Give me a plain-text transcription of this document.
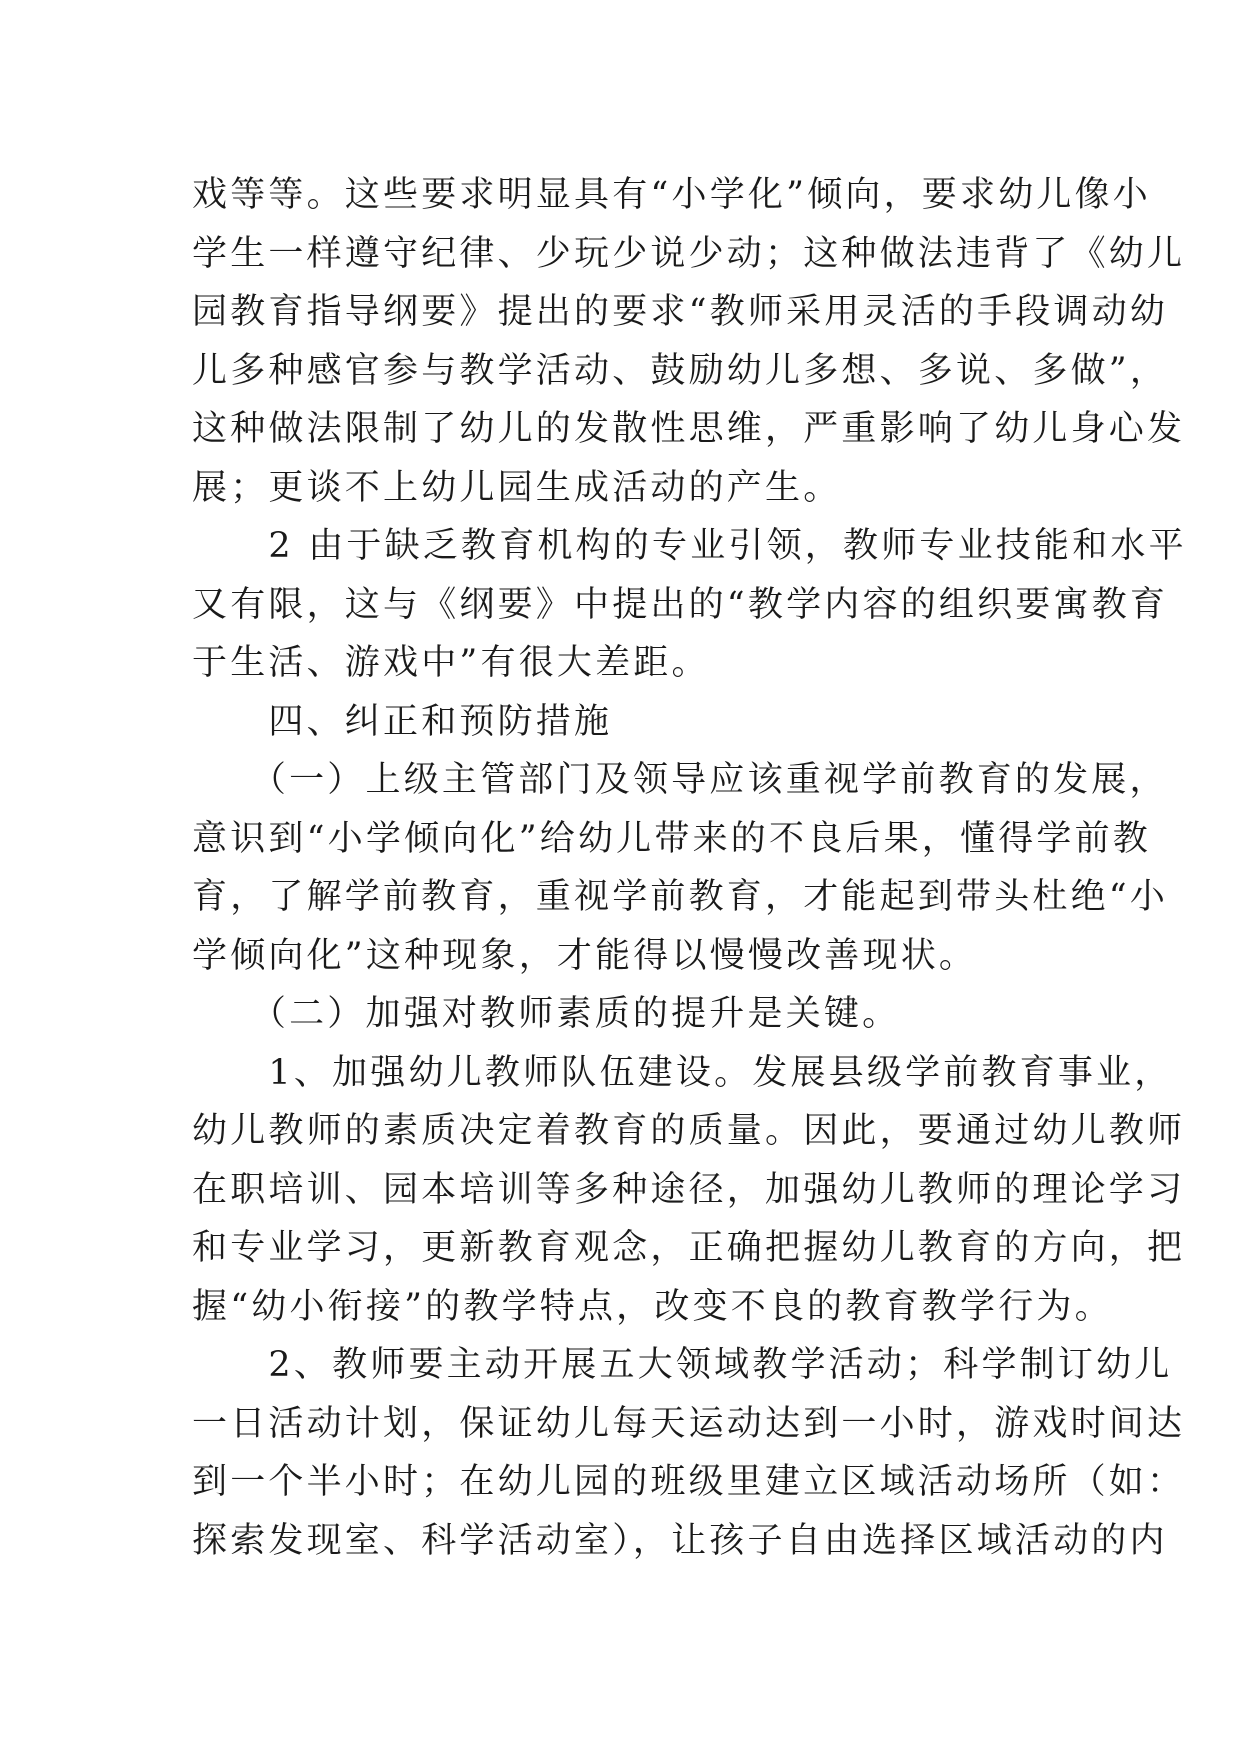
戏等等。这些要求明显具有“小学化”倾向，要求幼儿像小
学生一样遵守纪律、少玩少说少动；这种做法违背了《幼儿
园教育指导纲要》提出的要求“教师采用灵活的手段调动幼
儿多种感官参与教学活动、鼓励幼儿多想、多说、多做”，
这种做法限制了幼儿的发散性思维，严重影响了幼儿身心发
展；更谈不上幼儿园生成活动的产生。
　　2 由于缺乏教育机构的专业引领，教师专业技能和水平
又有限，这与《纲要》中提出的“教学内容的组织要寓教育
于生活、游戏中”有很大差距。
　　四、纠正和预防措施
　　（一）上级主管部门及领导应该重视学前教育的发展，
意识到“小学倾向化”给幼儿带来的不良后果，懂得学前教
育，了解学前教育，重视学前教育，才能起到带头杜绝“小
学倾向化”这种现象，才能得以慢慢改善现状。
　　（二）加强对教师素质的提升是关键。
　　1、加强幼儿教师队伍建设。发展县级学前教育事业，
幼儿教师的素质决定着教育的质量。因此，要通过幼儿教师
在职培训、园本培训等多种途径，加强幼儿教师的理论学习
和专业学习，更新教育观念，正确把握幼儿教育的方向，把
握“幼小衔接”的教学特点，改变不良的教育教学行为。
　　2、教师要主动开展五大领域教学活动；科学制订幼儿
一日活动计划，保证幼儿每天运动达到一小时，游戏时间达
到一个半小时；在幼儿园的班级里建立区域活动场所（如：
探索发现室、科学活动室），让孩子自由选择区域活动的内
